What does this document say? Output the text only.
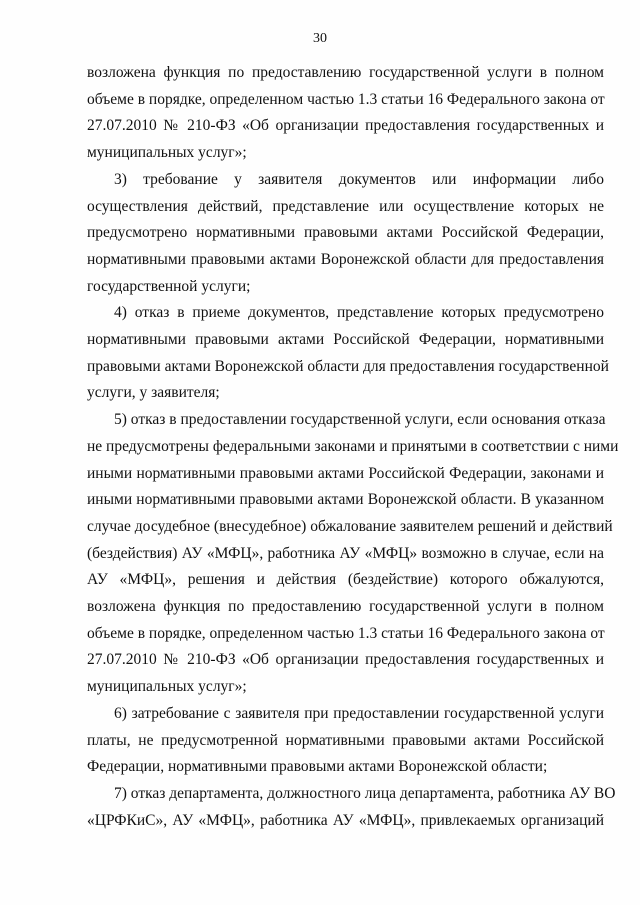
30
возложена функция по предоставлению государственной услуги в полном
объеме в порядке, определенном частью 1.3 статьи 16 Федерального закона от
27.07.2010 № 210-ФЗ «Об организации предоставления государственных и
муниципальных услуг»;
3) требование у заявителя документов или информации либо
осуществления действий, представление или осуществление которых не
предусмотрено нормативными правовыми актами Российской Федерации,
нормативными правовыми актами Воронежской области для предоставления
государственной услуги;
4) отказ в приеме документов, представление которых предусмотрено
нормативными правовыми актами Российской Федерации, нормативными
правовыми актами Воронежской области для предоставления государственной
услуги, у заявителя;
5) отказ в предоставлении государственной услуги, если основания отказа
не предусмотрены федеральными законами и принятыми в соответствии с ними
иными нормативными правовыми актами Российской Федерации, законами и
иными нормативными правовыми актами Воронежской области. В указанном
случае досудебное (внесудебное) обжалование заявителем решений и действий
(бездействия) АУ «МФЦ», работника АУ «МФЦ» возможно в случае, если на
АУ «МФЦ», решения и действия (бездействие) которого обжалуются,
возложена функция по предоставлению государственной услуги в полном
объеме в порядке, определенном частью 1.3 статьи 16 Федерального закона от
27.07.2010 № 210-ФЗ «Об организации предоставления государственных и
муниципальных услуг»;
6) затребование с заявителя при предоставлении государственной услуги
платы, не предусмотренной нормативными правовыми актами Российской
Федерации, нормативными правовыми актами Воронежской области;
7) отказ департамента, должностного лица департамента, работника АУ ВО
«ЦРФКиС», АУ «МФЦ», работника АУ «МФЦ», привлекаемых организаций
